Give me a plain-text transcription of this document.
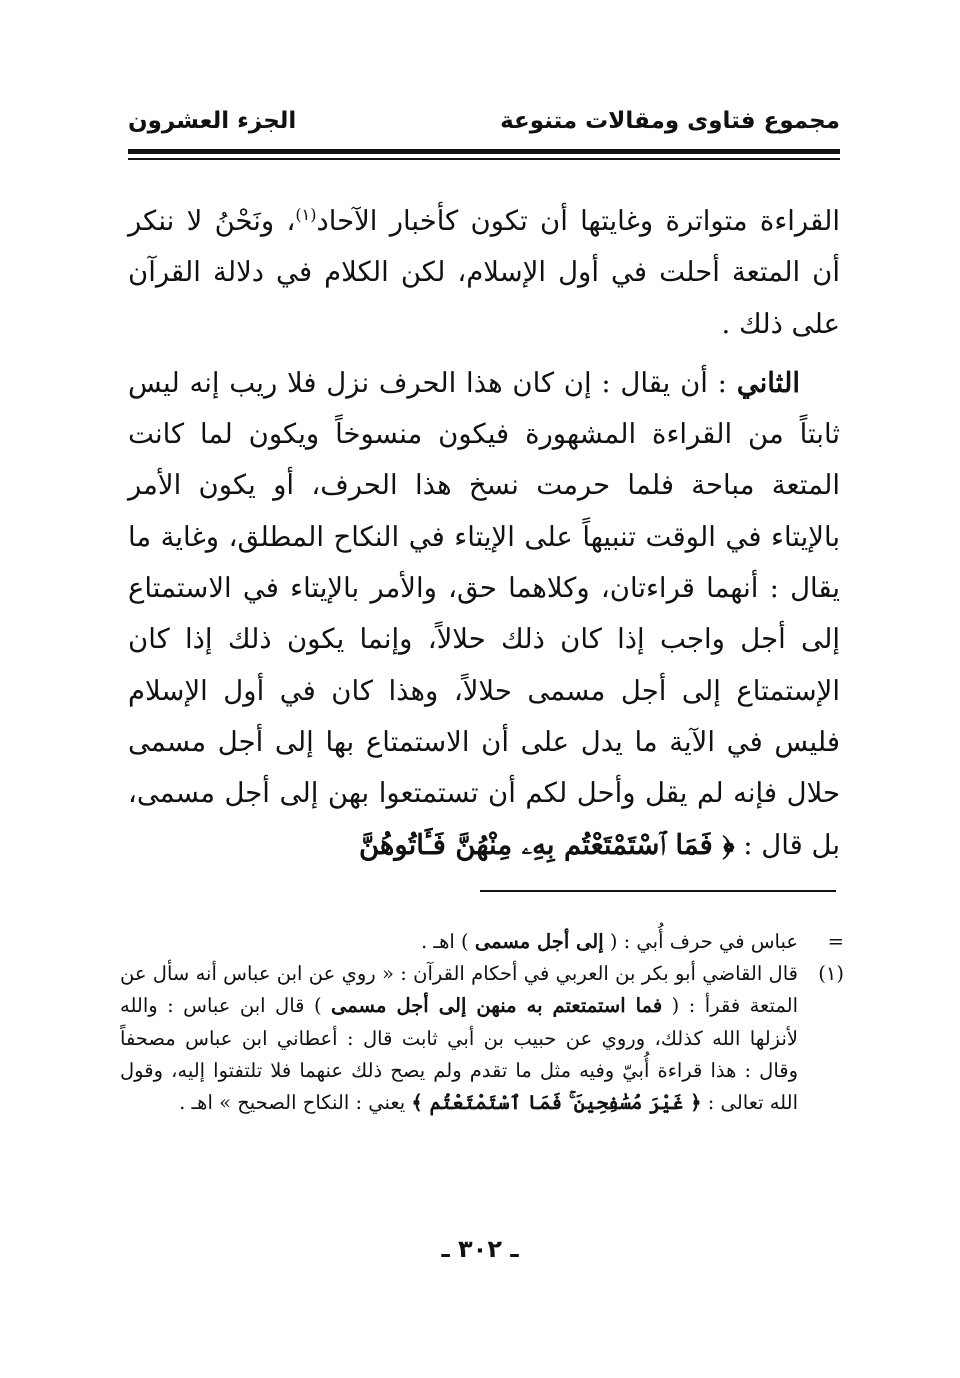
مجموع فتاوى ومقالات متنوعة
الجزء العشرون

القراءة متواترة وغايتها أن تكون كأخبار الآحاد$^{(١)}$، ونَحْنُ لا ننكر أن المتعة أحلت في أول الإسلام، لكن الكلام في دلالة القرآن على ذلك .

الثاني : أن يقال : إن كان هذا الحرف نزل فلا ريب إنه ليس ثابتاً من القراءة المشهورة فيكون منسوخاً ويكون لما كانت المتعة مباحة فلما حرمت نسخ هذا الحرف، أو يكون الأمر بالإيتاء في الوقت تنبيهاً على الإيتاء في النكاح المطلق، وغاية ما يقال : أنهما قراءتان، وكلاهما حق، والأمر بالإيتاء في الاستمتاع إلى أجل واجب إذا كان ذلك حلالاً، وإنما يكون ذلك إذا كان الإستمتاع إلى أجل مسمى حلالاً، وهذا كان في أول الإسلام فليس في الآية ما يدل على أن الاستمتاع بها إلى أجل مسمى حلال فإنه لم يقل وأحل لكم أن تستمتعوا بهن إلى أجل مسمى، بل قال : ﴿ فَمَا ٱسْتَمْتَعْتُم بِهِۦ مِنْهُنَّ فَـَٔاتُوهُنَّ

=
عباس في حرف أُبي : ( إلى أجل مسمى ) اهـ .
(١)
قال القاضي أبو بكر بن العربي في أحكام القرآن : « روي عن ابن عباس أنه سأل عن المتعة فقرأ : ( فما استمتعتم به منهن إلى أجل مسمى ) قال ابن عباس : والله لأنزلها الله كذلك، وروي عن حبيب بن أبي ثابت قال : أعطاني ابن عباس مصحفاً وقال : هذا قراءة أُبيّ وفيه مثل ما تقدم ولم يصح ذلك عنهما فلا تلتفتوا إليه، وقول الله تعالى : ﴿ غَيْرَ مُسَٰفِحِينَ ۚ فَمَا ٱسْتَمْتَعْتُم ﴾ يعني : النكاح الصحيح » اهـ .
ـ ٣٠٢ ـ
